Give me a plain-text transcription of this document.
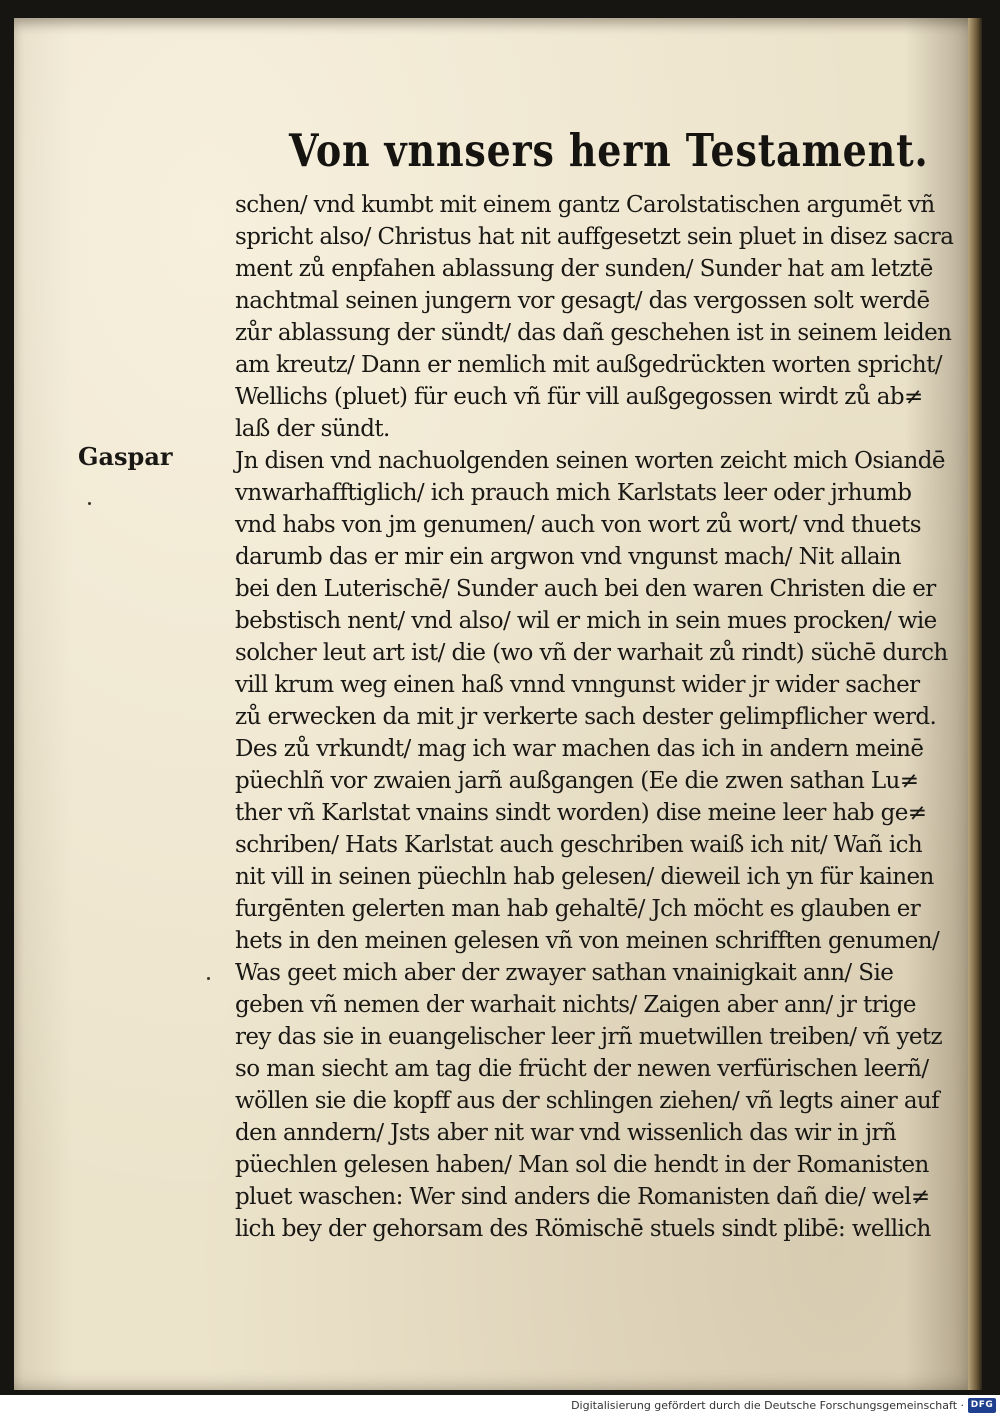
Von vnnsers hern Testament.
Gaspar
schen/ vnd kumbt mit einem gantz Carolstatischen argumēt vñ
spricht also/ Christus hat nit auffgesetzt sein pluet in disez sacra
ment zů enpfahen ablassung der sunden/ Sunder hat am letztē
nachtmal seinen jungern vor gesagt/ das vergossen solt werdē
zůr ablassung der sündt/ das dañ geschehen ist in seinem leiden
am kreutz/ Dann er nemlich mit außgedrückten worten spricht/
Wellichs (pluet) für euch vñ für vill außgegossen wirdt zů ab≠
laß der sündt.
Jn disen vnd nachuolgenden seinen worten zeicht mich Osiandē
vnwarhafftiglich/ ich prauch mich Karlstats leer oder jrhumb
vnd habs von jm genumen/ auch von wort zů wort/ vnd thuets
darumb das er mir ein argwon vnd vngunst mach/ Nit allain
bei den Luterischē/ Sunder auch bei den waren Christen die er
bebstisch nent/ vnd also/ wil er mich in sein mues procken/ wie
solcher leut art ist/ die (wo vñ der warhait zů rindt) süchē durch
vill krum weg einen haß vnnd vnngunst wider jr wider sacher
zů erwecken da mit jr verkerte sach dester gelimpflicher werd.
Des zů vrkundt/ mag ich war machen das ich in andern meinē
püechlñ vor zwaien jarñ außgangen (Ee die zwen sathan Lu≠
ther vñ Karlstat vnains sindt worden) dise meine leer hab ge≠
schriben/ Hats Karlstat auch geschriben waiß ich nit/ Wañ ich
nit vill in seinen püechln hab gelesen/ dieweil ich yn für kainen
furgēnten gelerten man hab gehaltē/ Jch möcht es glauben er
hets in den meinen gelesen vñ von meinen schrifften genumen/
Was geet mich aber der zwayer sathan vnainigkait ann/ Sie
geben vñ nemen der warhait nichts/ Zaigen aber ann/ jr trige
rey das sie in euangelischer leer jrñ muetwillen treiben/ vñ yetz
so man siecht am tag die frücht der newen verfürischen leerñ/
wöllen sie die kopff aus der schlingen ziehen/ vñ legts ainer auf
den anndern/ Jsts aber nit war vnd wissenlich das wir in jrñ
püechlen gelesen haben/ Man sol die hendt in der Romanisten
pluet waschen: Wer sind anders die Romanisten dañ die/ wel≠
lich bey der gehorsam des Römischē stuels sindt plibē: wellich
Digitalisierung gefördert durch die Deutsche Forschungsgemeinschaft · DFG
